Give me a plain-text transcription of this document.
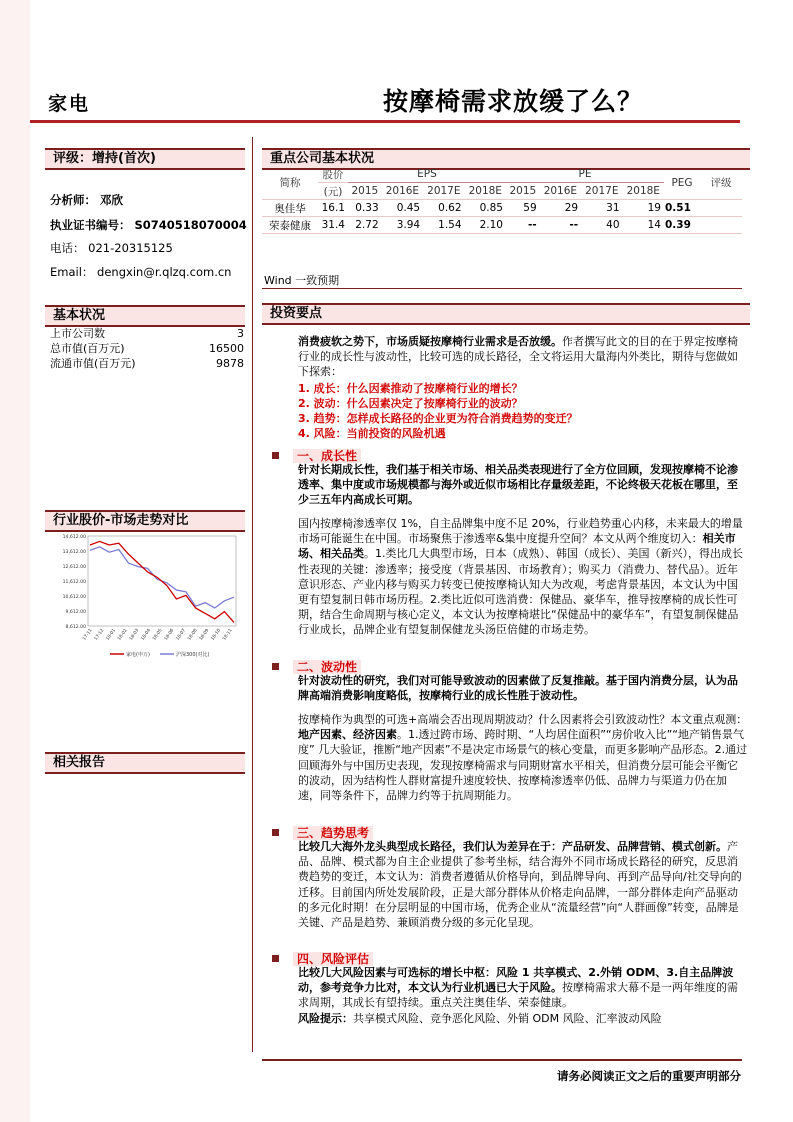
家电	按摩椅需求放缓了么？
评级：增持(首次)
分析师： 邓欣
执业证书编号： S0740518070004
电话： 021-20315125
Email： dengxin@r.qlzq.com.cn
基本状况
上市公司数	3
总市值(百万元)	16500
流通市值(百万元)	9878
行业股价-市场走势对比
14,612.00
13,612.00
12,612.00
11,612.00
10,612.00
9,612.00
8,612.00
17-11 17-12 18-01 18-02 18-03 18-04 18-05 18-06 18-07 18-08 18-09 18-10 18-11
家电(申万)	沪深300(对比)
相关报告
重点公司基本状况
简称	股价	EPS				PE				PEG	评级
	(元)	2015	2016E	2017E	2018E	2015	2016E	2017E	2018E		
奥佳华	16.1	0.33	0.45	0.62	0.85	59	29	31	19	0.51	
荣泰健康	31.4	2.72	3.94	1.54	2.10	--	--	40	14	0.39	

Wind 一致预期
投资要点
消费疲软之势下，市场质疑按摩椅行业需求是否放缓。作者撰写此文的目的在于界定按摩椅行业的成长性与波动性，比较可选的成长路径，全文将运用大量海内外类比，期待与您做如下探索：
1. 成长：什么因素推动了按摩椅行业的增长？
2. 波动：什么因素决定了按摩椅行业的波动？
3. 趋势：怎样成长路径的企业更为符合消费趋势的变迁？
4. 风险：当前投资的风险机遇
一、成长性
针对长期成长性，我们基于相关市场、相关品类表现进行了全方位回顾，发现按摩椅不论渗透率、集中度或市场规模都与海外或近似市场相比存量级差距，不论终极天花板在哪里，至少三五年内高成长可期。
国内按摩椅渗透率仅 1%，自主品牌集中度不足 20%，行业趋势重心内移，未来最大的增量市场可能诞生在中国。市场聚焦于渗透率&集中度提升空间？本文从两个维度切入：相关市场、相关品类。1.类比几大典型市场，日本（成熟）、韩国（成长）、美国（新兴），得出成长性表现的关键：渗透率；接受度（背景基因、市场教育）；购买力（消费力、替代品）。近年意识形态、产业内移与购买力转变已使按摩椅认知大为改观，考虑背景基因，本文认为中国更有望复制日韩市场历程。2.类比近似可选消费：保健品、豪华车，推导按摩椅的成长性可期，结合生命周期与核心定义，本文认为按摩椅堪比“保健品中的豪华车”，有望复制保健品行业成长，品牌企业有望复制保健龙头汤臣倍健的市场走势。
二、波动性
针对波动性的研究，我们对可能导致波动的因素做了反复推敲。基于国内消费分层，认为品牌高端消费影响度略低，按摩椅行业的成长性胜于波动性。
按摩椅作为典型的可选+高端会否出现周期波动？什么因素将会引致波动性？本文重点观测：地产因素、经济因素。1.透过跨市场、跨时期、“人均居住面积”“房价收入比”“地产销售景气度” 几大验证，推断“地产因素”不是决定市场景气的核心变量，而更多影响产品形态。2.通过回顾海外与中国历史表现，发现按摩椅需求与同期财富水平相关，但消费分层可能会平衡它的波动，因为结构性人群财富提升速度较快、按摩椅渗透率仍低、品牌力与渠道力仍在加速，同等条件下，品牌力约等于抗周期能力。
三、趋势思考
比较几大海外龙头典型成长路径，我们认为差异在于：产品研发、品牌营销、模式创新。产品、品牌、模式都为自主企业提供了参考坐标，结合海外不同市场成长路径的研究，反思消费趋势的变迁，本文认为：消费者遵循从价格导向，到品牌导向、再到产品导向/社交导向的迁移。目前国内所处发展阶段，正是大部分群体从价格走向品牌，一部分群体走向产品驱动的多元化时期！在分层明显的中国市场，优秀企业从“流量经营”向“人群画像”转变，品牌是关键、产品是趋势、兼顾消费分级的多元化呈现。
四、风险评估
比较几大风险因素与可选标的增长中枢：风险 1 共享模式、2.外销 ODM、3.自主品牌波动，参考竞争力比对，本文认为行业机遇已大于风险。按摩椅需求大幕不是一两年维度的需求周期，其成长有望持续。重点关注奥佳华、荣泰健康。
风险提示：共享模式风险、竞争恶化风险、外销 ODM 风险、汇率波动风险
请务必阅读正文之后的重要声明部分
